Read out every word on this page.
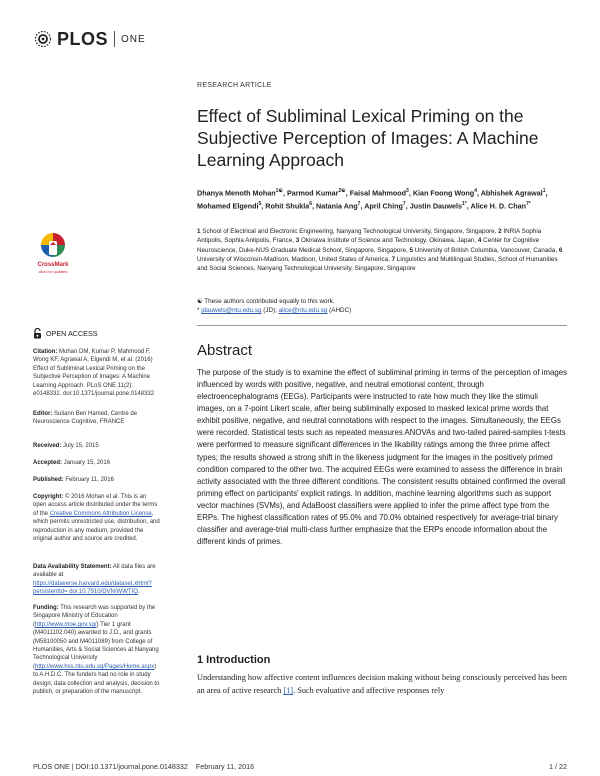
PLOS ONE
CrossMark
click for updates
OPEN ACCESS
Citation: Mohan DM, Kumar P, Mahmood F, Wong KF, Agrawal A, Elgendi M, et al. (2016) Effect of Subliminal Lexical Priming on the Subjective Perception of Images: A Machine Learning Approach. PLoS ONE 11(2): e0148332. doi:10.1371/journal.pone.0148332
Editor: Suliann Ben Hamed, Centre de Neuroscience Cognitive, FRANCE
Received: July 15, 2015
Accepted: January 15, 2016
Published: February 11, 2016
Copyright: © 2016 Mohan et al. This is an open access article distributed under the terms of the Creative Commons Attribution License, which permits unrestricted use, distribution, and reproduction in any medium, provided the original author and source are credited.
Data Availability Statement: All data files are available at https://dataverse.harvard.edu/dataset.xhtml?persistentId= doi:10.7910/DVN/WWTIQ.
Funding: This research was supported by the Singapore Ministry of Education (http://www.moe.gov.sg/) Tier 1 grant (M4011102.040) awarded to J.D., and grants (M58100050 and M4011089) from College of Humanities, Arts & Social Sciences at Nanyang Technological University (http://www.hss.ntu.edu.sg/Pages/Home.aspx) to A.H.D.C. The funders had no role in study design, data collection and analysis, decision to publish, or preparation of the manuscript.
RESEARCH ARTICLE
Effect of Subliminal Lexical Priming on the Subjective Perception of Images: A Machine Learning Approach
Dhanya Menoth Mohan$^{1☯}$, Parmod Kumar$^{2☯}$, Faisal Mahmood$^3$, Kian Foong Wong$^4$, Abhishek Agrawal$^1$, Mohamed Elgendi$^5$, Rohit Shukla$^6$, Natania Ang$^7$, April Ching$^7$, Justin Dauwels$^{1*}$, Alice H. D. Chan$^{7*}$
1 School of Electrical and Electronic Engineering, Nanyang Technological University, Singapore, Singapore, 2 INRIA Sophia Antipolis, Sophia Antipolis, France, 3 Okinawa Institute of Science and Technology, Okinawa, Japan, 4 Center for Cognitive Neuroscience, Duke-NUS Graduate Medical School, Singapore, Singapore, 5 University of British Columbia, Vancouver, Canada, 6 University of Wisconsin-Madison, Madison, United States of America, 7 Linguistics and Multilingual Studies, School of Humanities and Social Sciences, Nanyang Technological University, Singapore, Singapore
☯ These authors contributed equally to this work.
* jdauwels@ntu.edu.sg (JD); alice@ntu.edu.sg (AHDC)
Abstract
The purpose of the study is to examine the effect of subliminal priming in terms of the perception of images influenced by words with positive, negative, and neutral emotional content, through electroencephalograms (EEGs). Participants were instructed to rate how much they like the stimuli images, on a 7-point Likert scale, after being subliminally exposed to masked lexical prime words that exhibit positive, negative, and neutral connotations with respect to the images. Simultaneously, the EEGs were recorded. Statistical tests such as repeated measures ANOVAs and two-tailed paired-samples t-tests were performed to measure significant differences in the likability ratings among the three prime affect types; the results showed a strong shift in the likeness judgment for the images in the positively primed condition compared to the other two. The acquired EEGs were examined to assess the difference in brain activity associated with the three different conditions. The consistent results obtained confirmed the overall priming effect on participants' explicit ratings. In addition, machine learning algorithms such as support vector machines (SVMs), and AdaBoost classifiers were applied to infer the prime affect type from the ERPs. The highest classification rates of 95.0% and 70.0% obtained respectively for average-trial binary classifier and average-trial multi-class further emphasize that the ERPs encode information about the different kinds of primes.
1 Introduction
Understanding how affective content influences decision making without being consciously perceived has been an area of active research [1]. Such evaluative and affective responses rely
PLOS ONE | DOI:10.1371/journal.pone.0148332    February 11, 2016	1 / 22
